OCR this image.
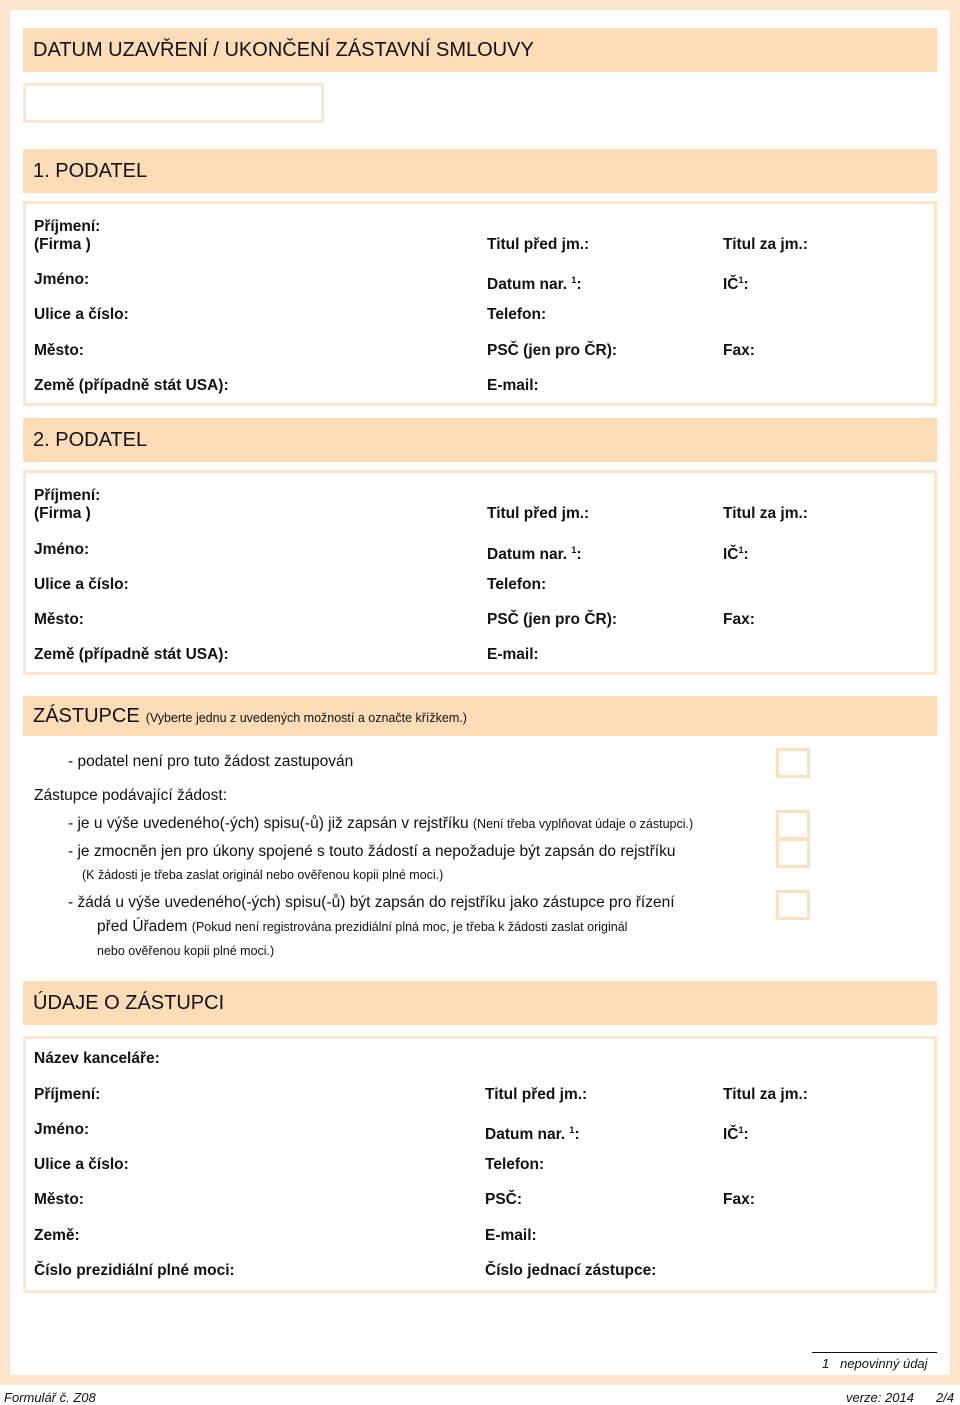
DATUM UZAVŘENÍ / UKONČENÍ ZÁSTAVNÍ SMLOUVY
1. PODATEL
Příjmení:
(Firma )	Titul před jm.:	Titul za jm.:
Jméno:	Datum nar. $^1$:	$IČ^1$:
Ulice a číslo:	Telefon:
Město:	PSČ (jen pro ČR):	Fax:
Země (případně stát USA):	E-mail:
2. PODATEL
Příjmení:
(Firma )	Titul před jm.:	Titul za jm.:
Jméno:	Datum nar. $^1$:	$IČ^1$:
Ulice a číslo:	Telefon:
Město:	PSČ (jen pro ČR):	Fax:
Země (případně stát USA):	E-mail:
ZÁSTUPCE (Vyberte jednu z uvedených možností a označte křížkem.)
- podatel není pro tuto žádost zastupován
Zástupce podávající žádost:
- je u výše uvedeného(-ých) spisu(-ů) již zapsán v rejstříku (Není třeba vyplňovat údaje o zástupci.)
- je zmocněn jen pro úkony spojené s touto žádostí a nepožaduje být zapsán do rejstříku
(K žádosti je třeba zaslat originál nebo ověřenou kopii plné moci.)
- žádá u výše uvedeného(-ých) spisu(-ů) být zapsán do rejstříku jako zástupce pro řízení
před Úřadem (Pokud není registrována prezidiální plná moc, je třeba k žádosti zaslat originál
nebo ověřenou kopii plné moci.)
ÚDAJE O ZÁSTUPCI
Název kanceláře:
Příjmení:	Titul před jm.:	Titul za jm.:
Jméno:	Datum nar. $^1$:	$IČ^1$:
Ulice a číslo:	Telefon:
Město:	PSČ:	Fax:
Země:	E-mail:
Číslo prezidiální plné moci:	Číslo jednací zástupce:
1 nepovinný údaj
Formulář č. Z08	verze: 2014 2/4
